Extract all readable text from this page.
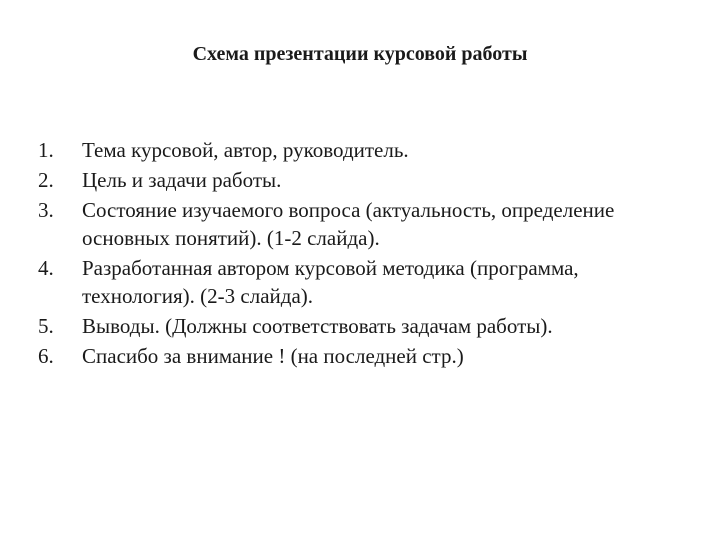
Схема презентации курсовой работы
1.	Тема курсовой, автор, руководитель.
2.	Цель и задачи работы.
3.	Состояние изучаемого вопроса (актуальность, определение основных понятий). (1-2 слайда).
4.	Разработанная автором курсовой методика (программа, технология). (2-3 слайда).
5.	Выводы. (Должны соответствовать задачам работы).
6.	Спасибо за внимание ! (на последней стр.)
